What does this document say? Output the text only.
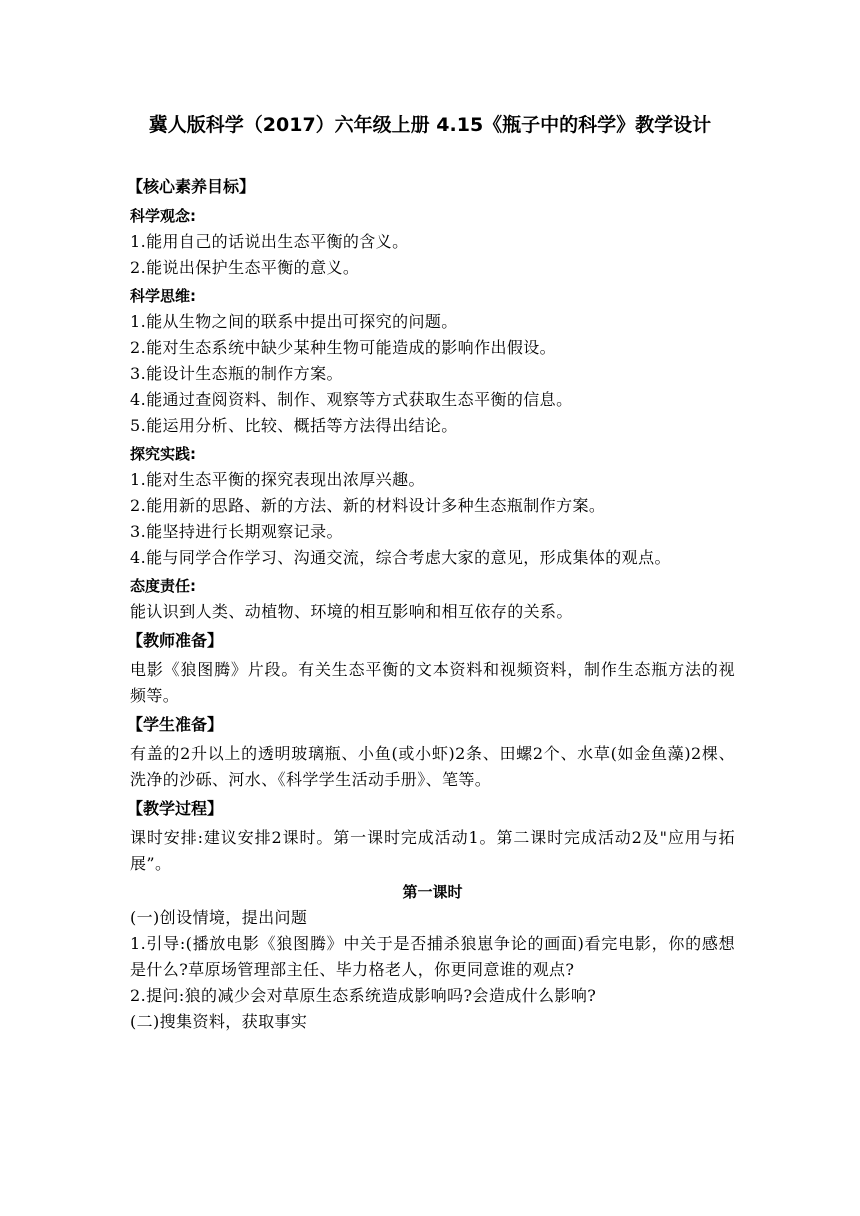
冀人版科学（2017）六年级上册 4.15《瓶子中的科学》教学设计
【核心素养目标】
科学观念:
1.能用自己的话说出生态平衡的含义。
2.能说出保护生态平衡的意义。
科学思维:
1.能从生物之间的联系中提出可探究的问题。
2.能对生态系统中缺少某种生物可能造成的影响作出假设。
3.能设计生态瓶的制作方案。
4.能通过查阅资料、制作、观察等方式获取生态平衡的信息。
5.能运用分析、比较、概括等方法得出结论。
探究实践:
1.能对生态平衡的探究表现出浓厚兴趣。
2.能用新的思路、新的方法、新的材料设计多种生态瓶制作方案。
3.能坚持进行长期观察记录。
4.能与同学合作学习、沟通交流，综合考虑大家的意见，形成集体的观点。
态度责任:
能认识到人类、动植物、环境的相互影响和相互依存的关系。
【教师准备】
电影《狼图腾》片段。有关生态平衡的文本资料和视频资料，制作生态瓶方法的视频等。
【学生准备】
有盖的2升以上的透明玻璃瓶、小鱼(或小虾)2条、田螺2个、水草(如金鱼藻)2棵、洗净的沙砾、河水、《科学学生活动手册》、笔等。
【教学过程】
课时安排:建议安排2课时。第一课时完成活动1。第二课时完成活动2及"应用与拓展”。
第一课时
(一)创设情境，提出问题
1.引导:(播放电影《狼图腾》中关于是否捕杀狼崽争论的画面)看完电影，你的感想是什么?草原场管理部主任、毕力格老人，你更同意谁的观点?
2.提问:狼的减少会对草原生态系统造成影响吗?会造成什么影响?
(二)搜集资料，获取事实
